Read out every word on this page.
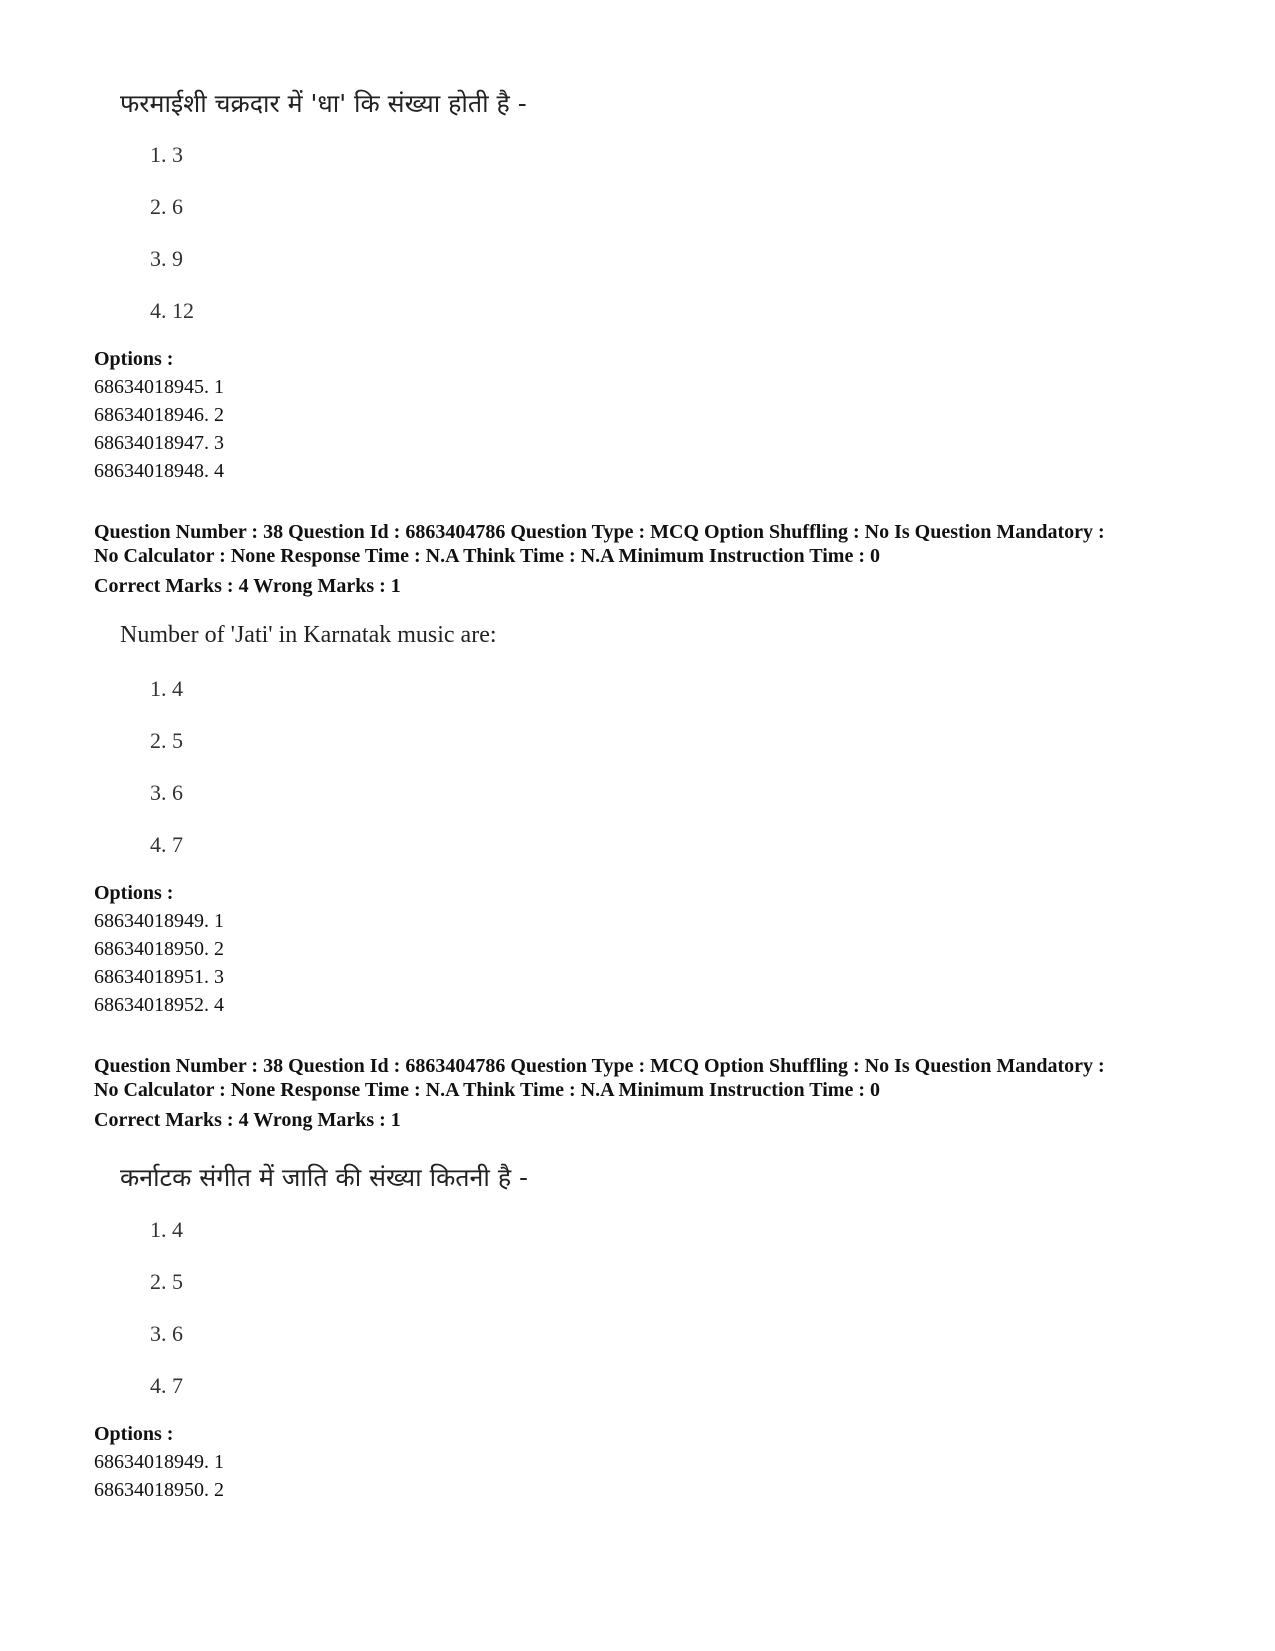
फरमाईशी चक्रदार में 'धा' कि संख्या होती है -
1. 3
2. 6
3. 9
4. 12
Options :
68634018945. 1
68634018946. 2
68634018947. 3
68634018948. 4
Question Number : 38 Question Id : 6863404786 Question Type : MCQ Option Shuffling : No Is Question Mandatory :
No Calculator : None Response Time : N.A Think Time : N.A Minimum Instruction Time : 0
Correct Marks : 4 Wrong Marks : 1
Number of 'Jati' in Karnatak music are:
1. 4
2. 5
3. 6
4. 7
Options :
68634018949. 1
68634018950. 2
68634018951. 3
68634018952. 4
Question Number : 38 Question Id : 6863404786 Question Type : MCQ Option Shuffling : No Is Question Mandatory :
No Calculator : None Response Time : N.A Think Time : N.A Minimum Instruction Time : 0
Correct Marks : 4 Wrong Marks : 1
कर्नाटक संगीत में जाति की संख्या कितनी है -
1. 4
2. 5
3. 6
4. 7
Options :
68634018949. 1
68634018950. 2
